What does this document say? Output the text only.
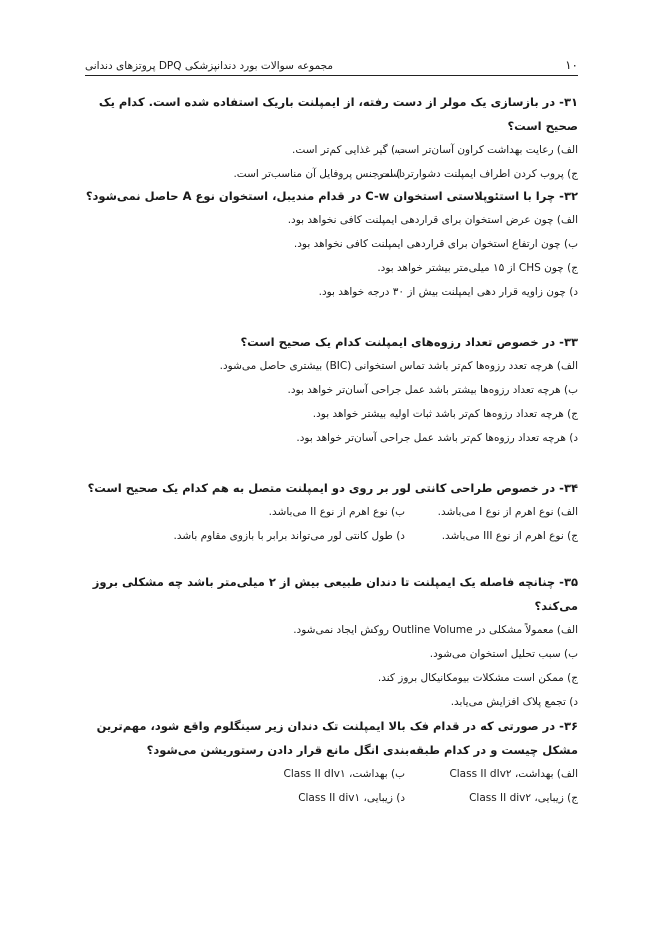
۱۰
مجموعه سوالات بورد دندانپزشکی DPQ پروتزهای دندانی

۳۱- در بازسازی یک مولر از دست رفته، از ایمپلنت باریک استفاده شده است. کدام یک صحیح است؟

الف) رعایت بهداشت کراون آسان‌تر است.

ب) گیر غذایی کم‌تر است.

ج) پروب کردن اطراف ایمپلنت دشوارتر است.

د) امرجنس پروفایل آن مناسب‌تر است.

۳۲- چرا با استئوپلاستی استخوان C-w در قدام مندیبل، استخوان نوع A حاصل نمی‌شود؟

الف) چون عرض استخوان برای قراردهی ایمپلنت کافی نخواهد بود.

ب) چون ارتفاع استخوان برای قراردهی ایمپلنت کافی نخواهد بود.

ج) چون CHS از ۱۵ میلی‌متر بیشتر خواهد بود.

د) چون زاویه قرار دهی ایمپلنت بیش از ۳۰ درجه خواهد بود.

۳۳- در خصوص تعداد رزوه‌های ایمپلنت کدام یک صحیح است؟

الف) هرچه تعدد رزوه‌ها کم‌تر باشد تماس استخوانی (BIC) بیشتری حاصل می‌شود.

ب) هرچه تعداد رزوه‌ها بیشتر باشد عمل جراحی آسان‌تر خواهد بود.

ج) هرچه تعداد رزوه‌ها کم‌تر باشد ثبات اولیه بیشتر خواهد بود.

د) هرچه تعداد رزوه‌ها کم‌تر باشد عمل جراحی آسان‌تر خواهد بود.

۳۴- در خصوص طراحی کانتی لور بر روی دو ایمپلنت متصل به هم کدام یک صحیح است؟

الف) نوع اهرم از نوع I می‌باشد.

ب) نوع اهرم از نوع II می‌باشد.

ج) نوع اهرم از نوع III می‌باشد.

د) طول کانتی لور می‌تواند برابر با بازوی مقاوم باشد.

۳۵- چنانچه فاصله یک ایمپلنت تا دندان طبیعی بیش از ۲ میلی‌متر باشد چه مشکلی بروز می‌کند؟

الف) معمولاً مشکلی در Outline Volume روکش ایجاد نمی‌شود.

ب) سبب تحلیل استخوان می‌شود.

ج) ممکن است مشکلات بیومکانیکال بروز کند.

د) تجمع پلاک افزایش می‌یابد.

۳۶- در صورتی که در قدام فک بالا ایمپلنت تک دندان زیر سینگلوم واقع شود، مهم‌ترین مشکل چیست و در کدام طبقه‌بندی انگل مانع قرار دادن رستوریشن می‌شود؟

الف) بهداشت، Class II dIv۲

ب) بهداشت، Class II dIv۱

ج) زیبایی، Class II div۲

د) زیبایی، Class II div۱
